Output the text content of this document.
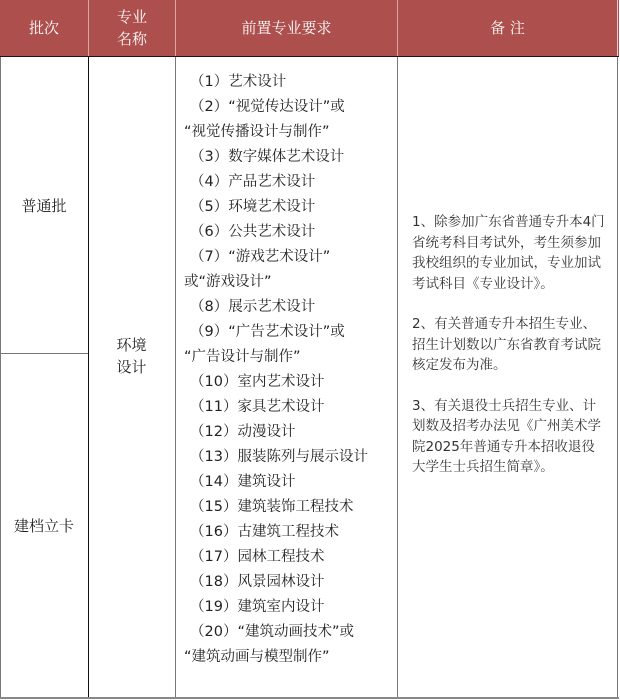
批次
专业
名称
前置专业要求	备 注
普通批
建档立卡
环境
设计
（1）艺术设计
（2）“视觉传达设计”或
“视觉传播设计与制作”
（3）数字媒体艺术设计
（4）产品艺术设计
（5）环境艺术设计
（6）公共艺术设计
（7）“游戏艺术设计”
或“游戏设计”
（8）展示艺术设计
（9）“广告艺术设计”或
“广告设计与制作”
（10）室内艺术设计
（11）家具艺术设计
（12）动漫设计
（13）服装陈列与展示设计
（14）建筑设计
（15）建筑装饰工程技术
（16）古建筑工程技术
（17）园林工程技术
（18）风景园林设计
（19）建筑室内设计
（20）“建筑动画技术”或
“建筑动画与模型制作”

1、除参加广东省普通专升本4门省统考科目考试外，考生须参加我校组织的专业加试，专业加试考试科目《专业设计》。

2、有关普通专升本招生专业、招生计划数以广东省教育考试院核定发布为准。

3、有关退役士兵招生专业、计划数及招考办法见《广州美术学院2025年普通专升本招收退役大学生士兵招生简章》。
